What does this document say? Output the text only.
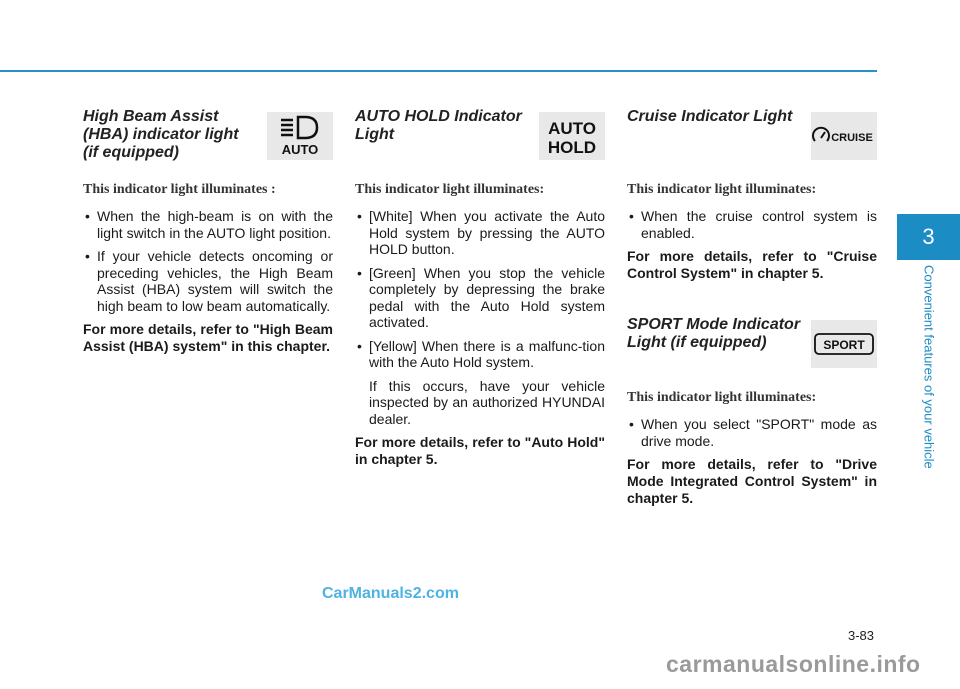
High Beam Assist (HBA) indicator light (if equipped)	AUTO

This indicator light illuminates :

• When the high-beam is on with the light switch in the AUTO light position.
• If your vehicle detects oncoming or preceding vehicles, the High Beam Assist (HBA) system will switch the high beam to low beam automatically.

For more details, refer to "High Beam Assist (HBA) system" in this chapter.

AUTO HOLD Indicator Light	AUTO
HOLD

This indicator light illuminates:

• [White] When you activate the Auto Hold system by pressing the AUTO HOLD button.
• [Green] When you stop the vehicle completely by depressing the brake pedal with the Auto Hold system activated.
• [Yellow] When there is a malfunc-tion with the Auto Hold system.

If this occurs, have your vehicle inspected by an authorized HYUNDAI dealer.

For more details, refer to "Auto Hold" in chapter 5.

Cruise Indicator Light
CRUISE

This indicator light illuminates:

• When the cruise control system is enabled.

For more details, refer to "Cruise Control System" in chapter 5.

SPORT Mode Indicator Light (if equipped)	SPORT

This indicator light illuminates:

• When you select "SPORT" mode as drive mode.

For more details, refer to "Drive Mode Integrated Control System" in chapter 5.

3
Convenient features of your vehicle
3-83
CarManuals2.com
carmanualsonline.info
